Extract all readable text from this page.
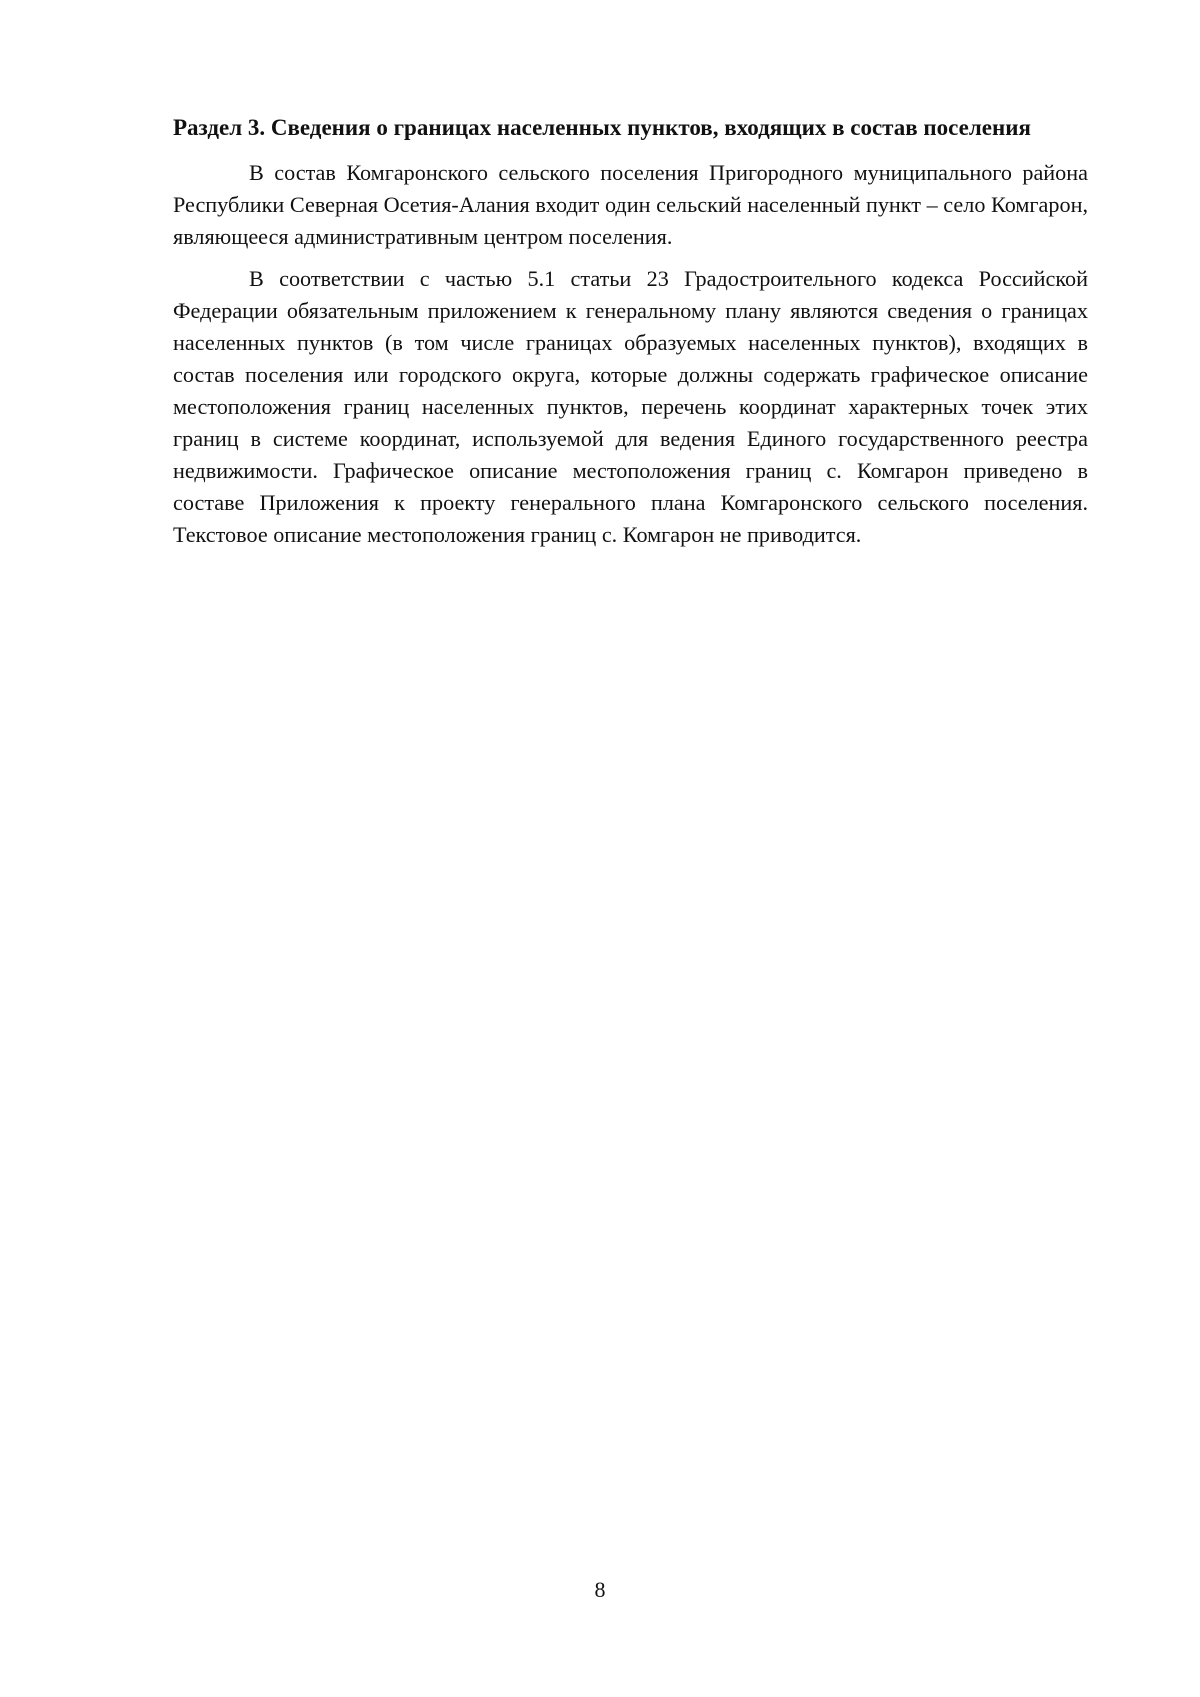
Раздел 3. Сведения о границах населенных пунктов, входящих в состав поселения

В состав Комгаронского сельского поселения Пригородного муниципального района Республики Северная Осетия-Алания входит один сельский населенный пункт – село Комгарон, являющееся административным центром поселения.

В соответствии с частью 5.1 статьи 23 Градостроительного кодекса Российской Федерации обязательным приложением к генеральному плану являются сведения о границах населенных пунктов (в том числе границах образуемых населенных пунктов), входящих в состав поселения или городского округа, которые должны содержать графическое описание местоположения границ населенных пунктов, перечень координат характерных точек этих границ в системе координат, используемой для ведения Единого государственного реестра недвижимости. Графическое описание местоположения границ с. Комгарон приведено в составе Приложения к проекту генерального плана Комгаронского сельского поселения. Текстовое описание местоположения границ с. Комгарон не приводится.

8
